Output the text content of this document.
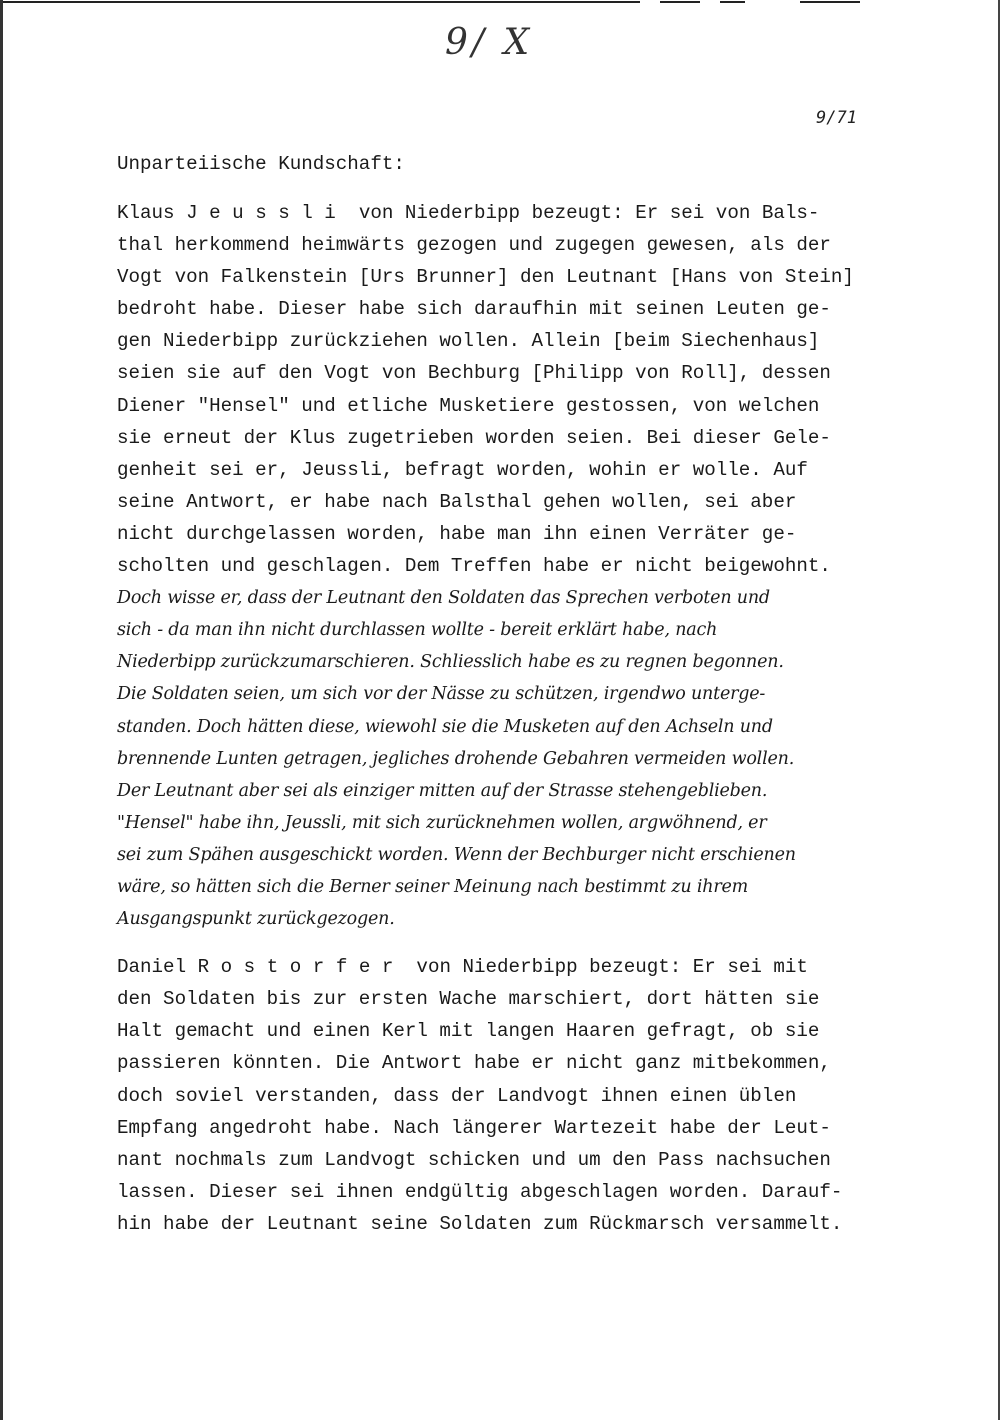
9/ X
9/71
Unparteiische Kundschaft:
Klaus Jeussli von Niederbipp bezeugt: Er sei von Bals-
thal herkommend heimwärts gezogen und zugegen gewesen, als der
Vogt von Falkenstein [Urs Brunner] den Leutnant [Hans von Stein]
bedroht habe. Dieser habe sich daraufhin mit seinen Leuten ge-
gen Niederbipp zurückziehen wollen. Allein [beim Siechenhaus]
seien sie auf den Vogt von Bechburg [Philipp von Roll], dessen
Diener "Hensel" und etliche Musketiere gestossen, von welchen
sie erneut der Klus zugetrieben worden seien. Bei dieser Gele-
genheit sei er, Jeussli, befragt worden, wohin er wolle. Auf
seine Antwort, er habe nach Balsthal gehen wollen, sei aber
nicht durchgelassen worden, habe man ihn einen Verräter ge-
scholten und geschlagen. Dem Treffen habe er nicht beigewohnt.
Doch wisse er, dass der Leutnant den Soldaten das Sprechen verboten und
sich - da man ihn nicht durchlassen wollte - bereit erklärt habe, nach
Niederbipp zurückzumarschieren. Schliesslich habe es zu regnen begonnen.
Die Soldaten seien, um sich vor der Nässe zu schützen, irgendwo unterge-
standen. Doch hätten diese, wiewohl sie die Musketen auf den Achseln und
brennende Lunten getragen, jegliches drohende Gebahren vermeiden wollen.
Der Leutnant aber sei als einziger mitten auf der Strasse stehengeblieben.
"Hensel" habe ihn, Jeussli, mit sich zurücknehmen wollen, argwöhnend, er
sei zum Spähen ausgeschickt worden. Wenn der Bechburger nicht erschienen
wäre, so hätten sich die Berner seiner Meinung nach bestimmt zu ihrem
Ausgangspunkt zurückgezogen.
Daniel Rostorfer von Niederbipp bezeugt: Er sei mit
den Soldaten bis zur ersten Wache marschiert, dort hätten sie
Halt gemacht und einen Kerl mit langen Haaren gefragt, ob sie
passieren könnten. Die Antwort habe er nicht ganz mitbekommen,
doch soviel verstanden, dass der Landvogt ihnen einen üblen
Empfang angedroht habe. Nach längerer Wartezeit habe der Leut-
nant nochmals zum Landvogt schicken und um den Pass nachsuchen
lassen. Dieser sei ihnen endgültig abgeschlagen worden. Darauf-
hin habe der Leutnant seine Soldaten zum Rückmarsch versammelt.
